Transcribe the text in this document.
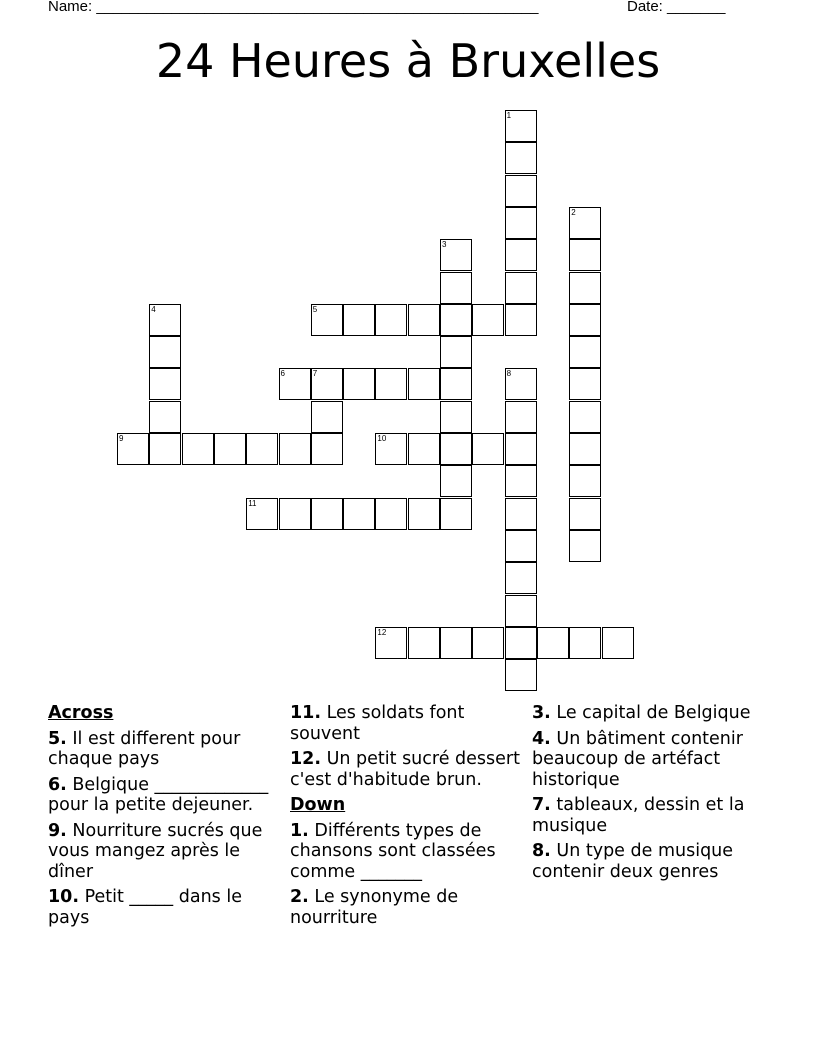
Name: _____________________________________________________	Date: _______
24 Heures à Bruxelles
1
2
3
4	5
6	7	8
9	10
11
12
Across
5. Il est different pour chaque pays
6. Belgique _____________ pour la petite dejeuner.
9. Nourriture sucrés que vous mangez après le dîner
10. Petit _____ dans le pays
11. Les soldats font souvent
12. Un petit sucré dessert c'est d'habitude brun.
Down
1. Différents types de chansons sont classées comme _______
2. Le synonyme de nourriture
3. Le capital de Belgique
4. Un bâtiment contenir beaucoup de artéfact historique
7. tableaux, dessin et la musique
8. Un type de musique contenir deux genres
